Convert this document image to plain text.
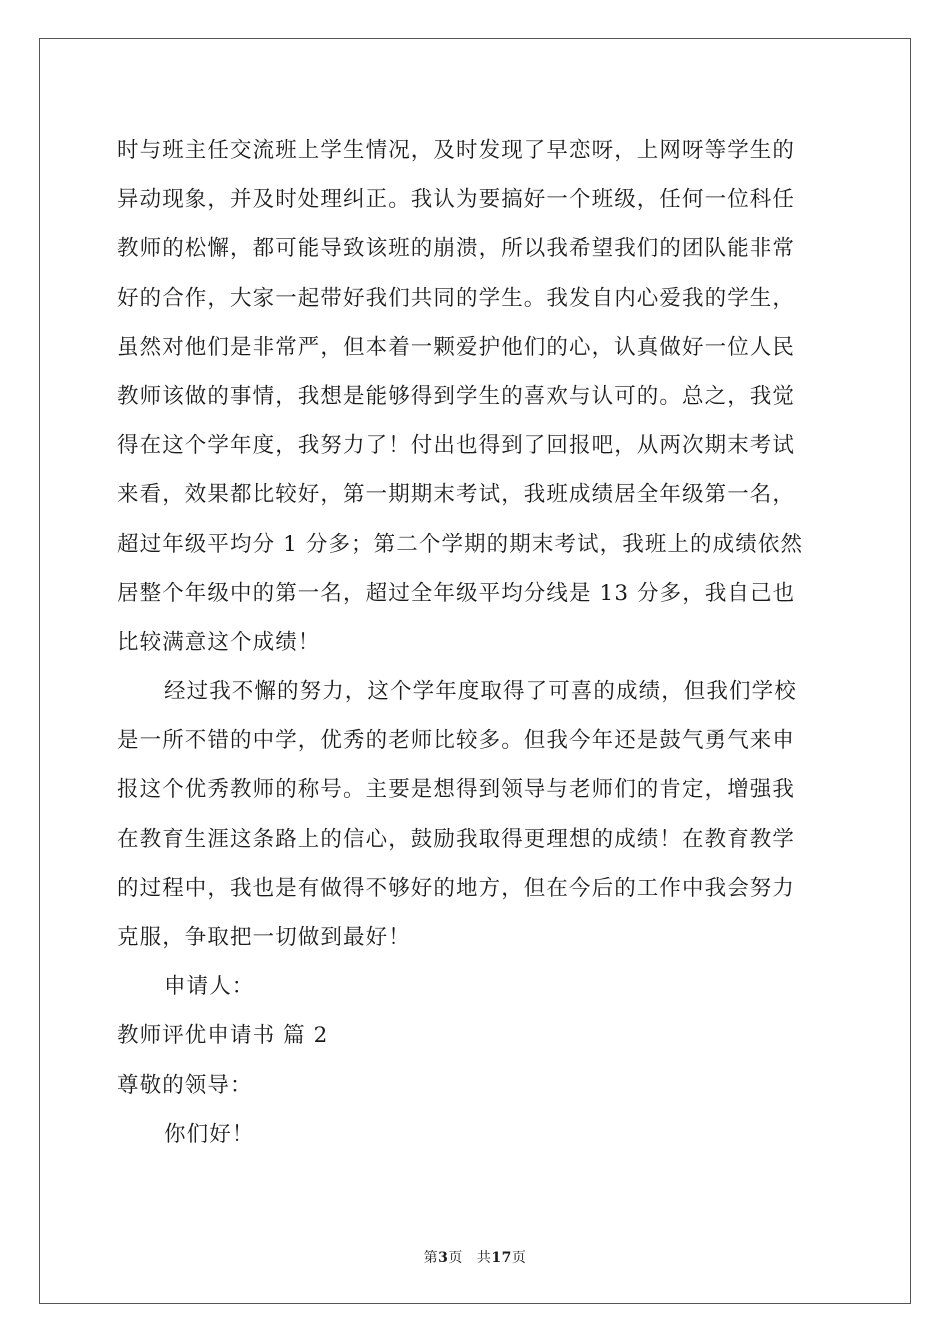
时与班主任交流班上学生情况，及时发现了早恋呀，上网呀等学生的
异动现象，并及时处理纠正。我认为要搞好一个班级，任何一位科任
教师的松懈，都可能导致该班的崩溃，所以我希望我们的团队能非常
好的合作，大家一起带好我们共同的学生。我发自内心爱我的学生，
虽然对他们是非常严，但本着一颗爱护他们的心，认真做好一位人民
教师该做的事情，我想是能够得到学生的喜欢与认可的。总之，我觉
得在这个学年度，我努力了！付出也得到了回报吧，从两次期末考试
来看，效果都比较好，第一期期末考试，我班成绩居全年级第一名，
超过年级平均分 1 分多；第二个学期的期末考试，我班上的成绩依然
居整个年级中的第一名，超过全年级平均分线是 13 分多，我自己也
比较满意这个成绩！
经过我不懈的努力，这个学年度取得了可喜的成绩，但我们学校
是一所不错的中学，优秀的老师比较多。但我今年还是鼓气勇气来申
报这个优秀教师的称号。主要是想得到领导与老师们的肯定，增强我
在教育生涯这条路上的信心，鼓励我取得更理想的成绩！在教育教学
的过程中，我也是有做得不够好的地方，但在今后的工作中我会努力
克服，争取把一切做到最好！
申请人：
教师评优申请书 篇 2
尊敬的领导：
你们好！
第3页 共17页
